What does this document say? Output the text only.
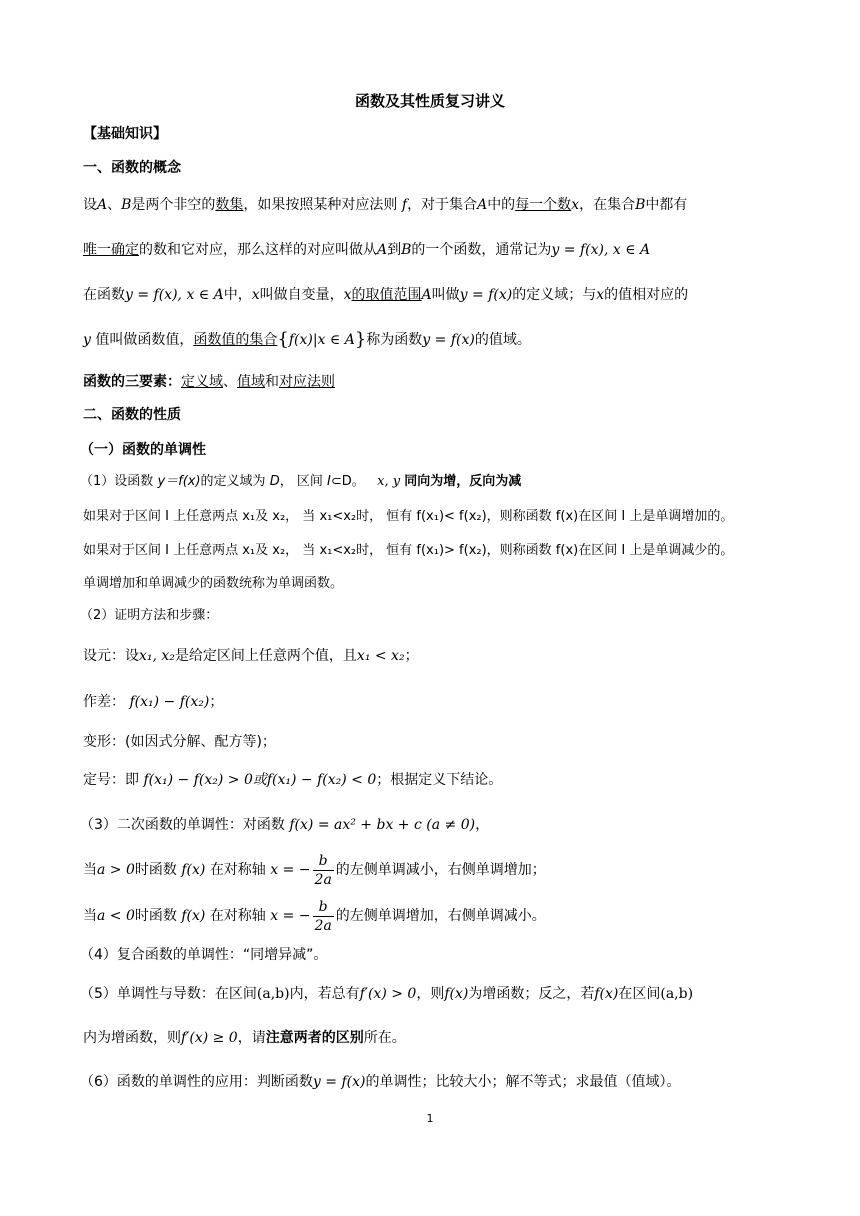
函数及其性质复习讲义
【基础知识】
一、函数的概念
设A、B是两个非空的数集，如果按照某种对应法则 f，对于集合A中的每一个数x，在集合B中都有
唯一确定的数和它对应，那么这样的对应叫做从A到B的一个函数，通常记为y = f(x), x ∈ A
在函数y = f(x), x ∈ A中，x叫做自变量，x的取值范围A叫做y = f(x)的定义域；与x的值相对应的
y 值叫做函数值，函数值的集合{f(x)|x ∈ A}称为函数y = f(x)的值域。
函数的三要素：定义域、值域和对应法则
二、函数的性质
（一）函数的单调性
（1）设函数 y＝f(x)的定义域为 D， 区间 I⊂D。 x, y 同向为增，反向为减
如果对于区间 I 上任意两点 x₁及 x₂， 当 x₁<x₂时， 恒有 f(x₁)< f(x₂)，则称函数 f(x)在区间 I 上是单调增加的。
如果对于区间 I 上任意两点 x₁及 x₂， 当 x₁<x₂时， 恒有 f(x₁)> f(x₂)，则称函数 f(x)在区间 I 上是单调减少的。
单调增加和单调减少的函数统称为单调函数。
（2）证明方法和步骤：
设元：设x₁, x₂是给定区间上任意两个值，且x₁ < x₂；
作差： f(x₁) − f(x₂)；
变形：(如因式分解、配方等)；
定号：即 f(x₁) − f(x₂) > 0或f(x₁) − f(x₂) < 0；根据定义下结论。
（3）二次函数的单调性：对函数 f(x) = ax² + bx + c (a ≠ 0)，
当a > 0时函数 f(x) 在对称轴 x = − $\frac{b}{2a}$ 的左侧单调减小，右侧单调增加；
当a < 0时函数 f(x) 在对称轴 x = − $\frac{b}{2a}$ 的左侧单调增加，右侧单调减小。
（4）复合函数的单调性：“同增异减”。
（5）单调性与导数：在区间(a,b)内，若总有f′(x) > 0，则f(x)为增函数；反之，若f(x)在区间(a,b)
内为增函数，则f′(x) ≥ 0，请注意两者的区别所在。
（6）函数的单调性的应用：判断函数y = f(x)的单调性；比较大小；解不等式；求最值（值域）。
1
